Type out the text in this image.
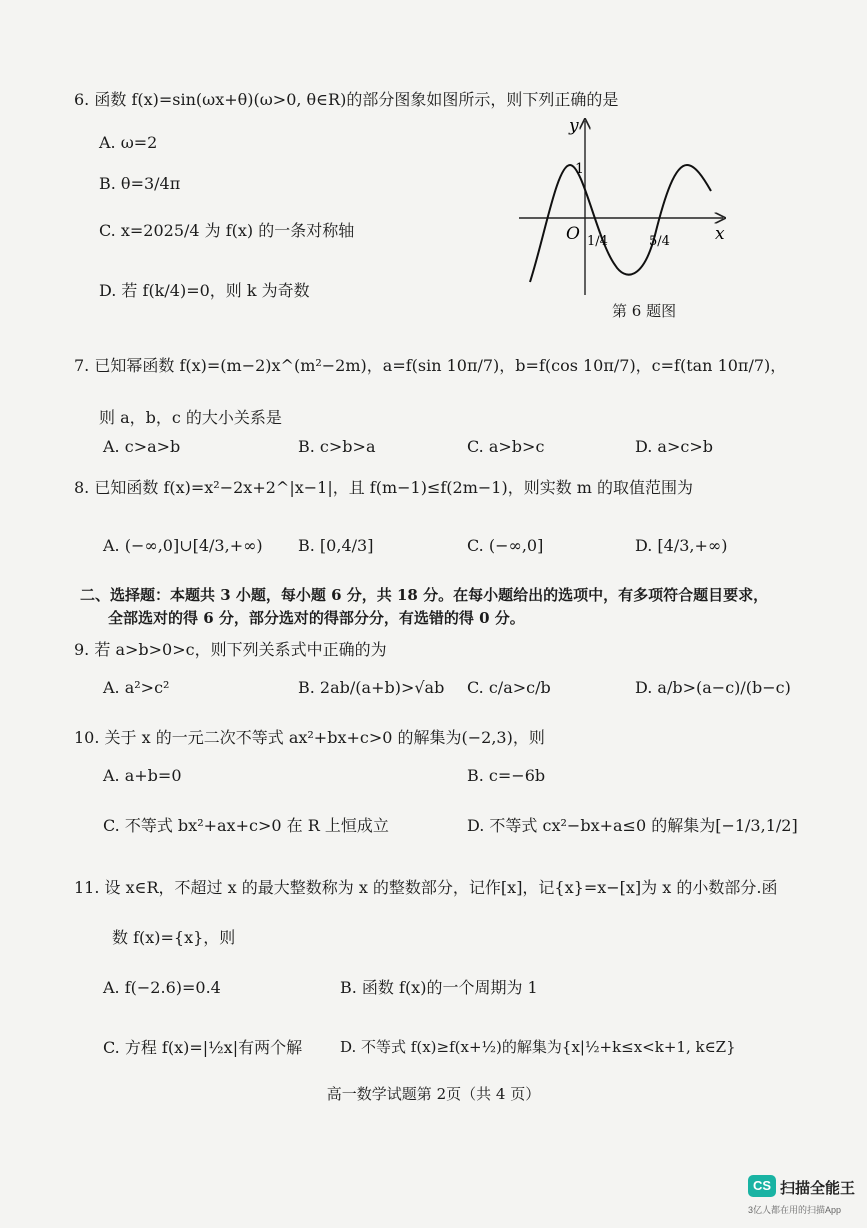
6. 函数 f(x)=sin(ωx+θ)(ω>0, θ∈R)的部分图象如图所示，则下列正确的是
A. ω=2
B. θ=3/4π
C. x=2025/4 为 f(x) 的一条对称轴
D. 若 f(k/4)=0，则 k 为奇数
y
x
O
1
1/4	5/4
第 6 题图
7. 已知幂函数 f(x)=(m−2)x^(m²−2m)，a=f(sin 10π/7)，b=f(cos 10π/7)，c=f(tan 10π/7)，
则 a，b，c 的大小关系是
A. c>a>b	B. c>b>a	C. a>b>c	D. a>c>b
8. 已知函数 f(x)=x²−2x+2^|x−1|，且 f(m−1)≤f(2m−1)，则实数 m 的取值范围为
A. (−∞,0]∪[4/3,+∞) B. [0,4/3]	C. (−∞,0]	D. [4/3,+∞)
二、选择题：本题共 3 小题，每小题 6 分，共 18 分。在每小题给出的选项中，有多项符合题目要求，
全部选对的得 6 分，部分选对的得部分分，有选错的得 0 分。
9. 若 a>b>0>c，则下列关系式中正确的为
A. a²>c²	B. 2ab/(a+b)>√ab C. c/a>c/b	D. a/b>(a−c)/(b−c)
10. 关于 x 的一元二次不等式 ax²+bx+c>0 的解集为(−2,3)，则
A. a+b=0	B. c=−6b
C. 不等式 bx²+ax+c>0 在 R 上恒成立	D. 不等式 cx²−bx+a≤0 的解集为[−1/3,1/2]
11. 设 x∈R，不超过 x 的最大整数称为 x 的整数部分，记作[x]，记{x}=x−[x]为 x 的小数部分.函
数 f(x)={x}，则
A. f(−2.6)=0.4	B. 函数 f(x)的一个周期为 1
C. 方程 f(x)=|½x|有两个解	D. 不等式 f(x)≥f(x+½)的解集为{x|½+k≤x<k+1, k∈Z}
高一数学试题第 2页（共 4 页）
CS 扫描全能王
3亿人都在用的扫描App
